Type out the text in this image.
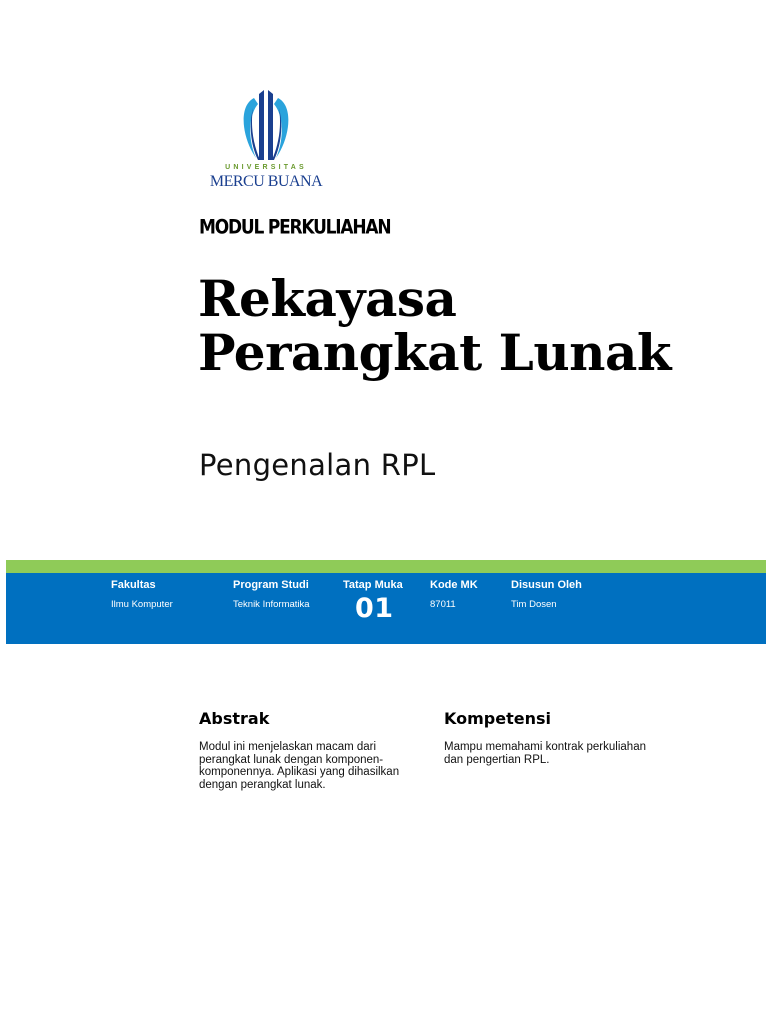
UNIVERSITAS
MERCU BUANA
MODUL PERKULIAHAN
Rekayasa
Perangkat Lunak
Pengenalan RPL
Fakultas
Ilmu Komputer
Program Studi
Teknik Informatika
Tatap Muka
01
Kode MK
87011
Disusun Oleh
Tim Dosen
Abstrak
Modul ini menjelaskan macam dari
perangkat lunak dengan komponen-
komponennya. Aplikasi yang dihasilkan
dengan perangkat lunak.
Kompetensi
Mampu memahami kontrak perkuliahan
dan pengertian RPL.
